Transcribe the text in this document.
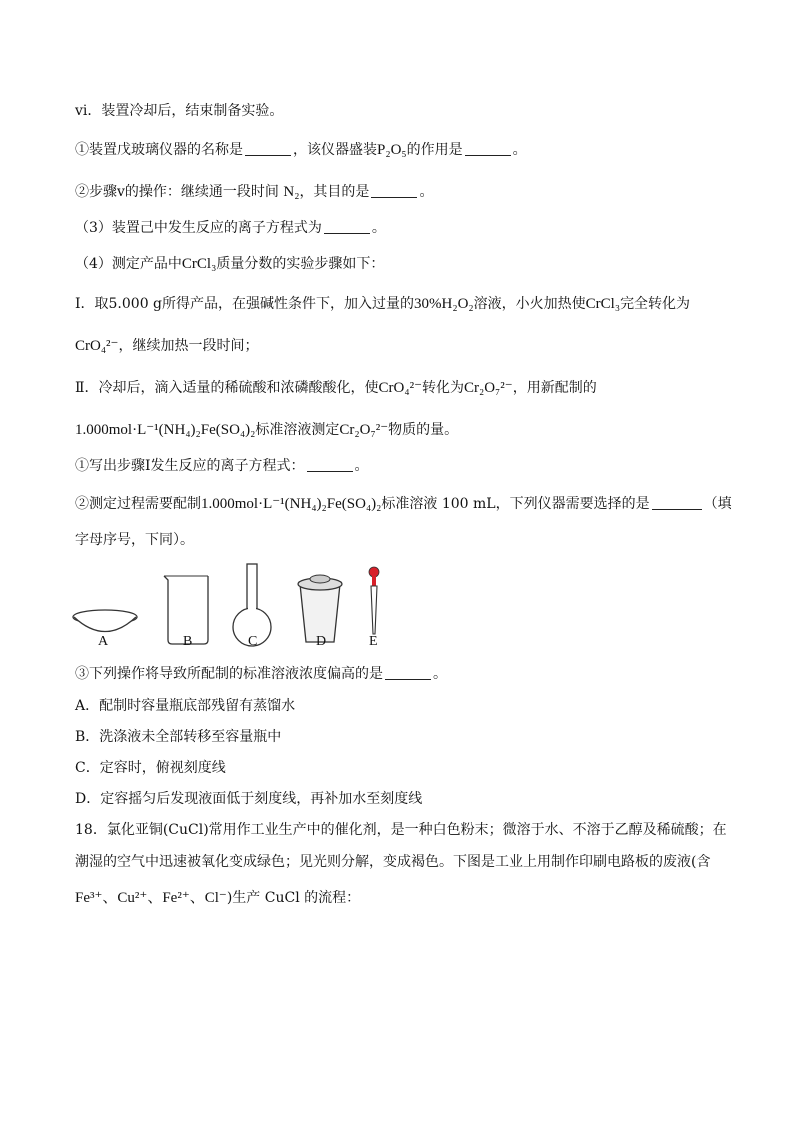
vi．装置冷却后，结束制备实验。
①装置戊玻璃仪器的名称是	，该仪器盛装P₂O₅的作用是	。
②步骤ⅴ的操作：继续通一段时间 N₂，其目的是	。
（3）装置己中发生反应的离子方程式为	。
（4）测定产品中CrCl₃质量分数的实验步骤如下：
Ⅰ．取5.000 g所得产品，在强碱性条件下，加入过量的30%H₂O₂溶液，小火加热使CrCl₃完全转化为
CrO₄²⁻，继续加热一段时间；
Ⅱ．冷却后，滴入适量的稀硫酸和浓磷酸酸化，使CrO₄²⁻转化为Cr₂O₇²⁻，用新配制的
1.000mol·L⁻¹(NH₄)₂Fe(SO₄)₂标准溶液测定Cr₂O₇²⁻物质的量。
①写出步骤Ⅰ发生反应的离子方程式：	。
②测定过程需要配制1.000mol·L⁻¹(NH₄)₂Fe(SO₄)₂标准溶液 100 mL，下列仪器需要选择的是	（填
字母序号，下同）。
A	B	C	D	E
③下列操作将导致所配制的标准溶液浓度偏高的是	。
A．配制时容量瓶底部残留有蒸馏水
B．洗涤液未全部转移至容量瓶中
C．定容时，俯视刻度线
D．定容摇匀后发现液面低于刻度线，再补加水至刻度线
18．氯化亚铜(CuCl)常用作工业生产中的催化剂，是一种白色粉末；微溶于水、不溶于乙醇及稀硫酸；在
潮湿的空气中迅速被氧化变成绿色；见光则分解，变成褐色。下图是工业上用制作印刷电路板的废液(含
Fe³⁺、Cu²⁺、Fe²⁺、Cl⁻)生产 CuCl 的流程：
